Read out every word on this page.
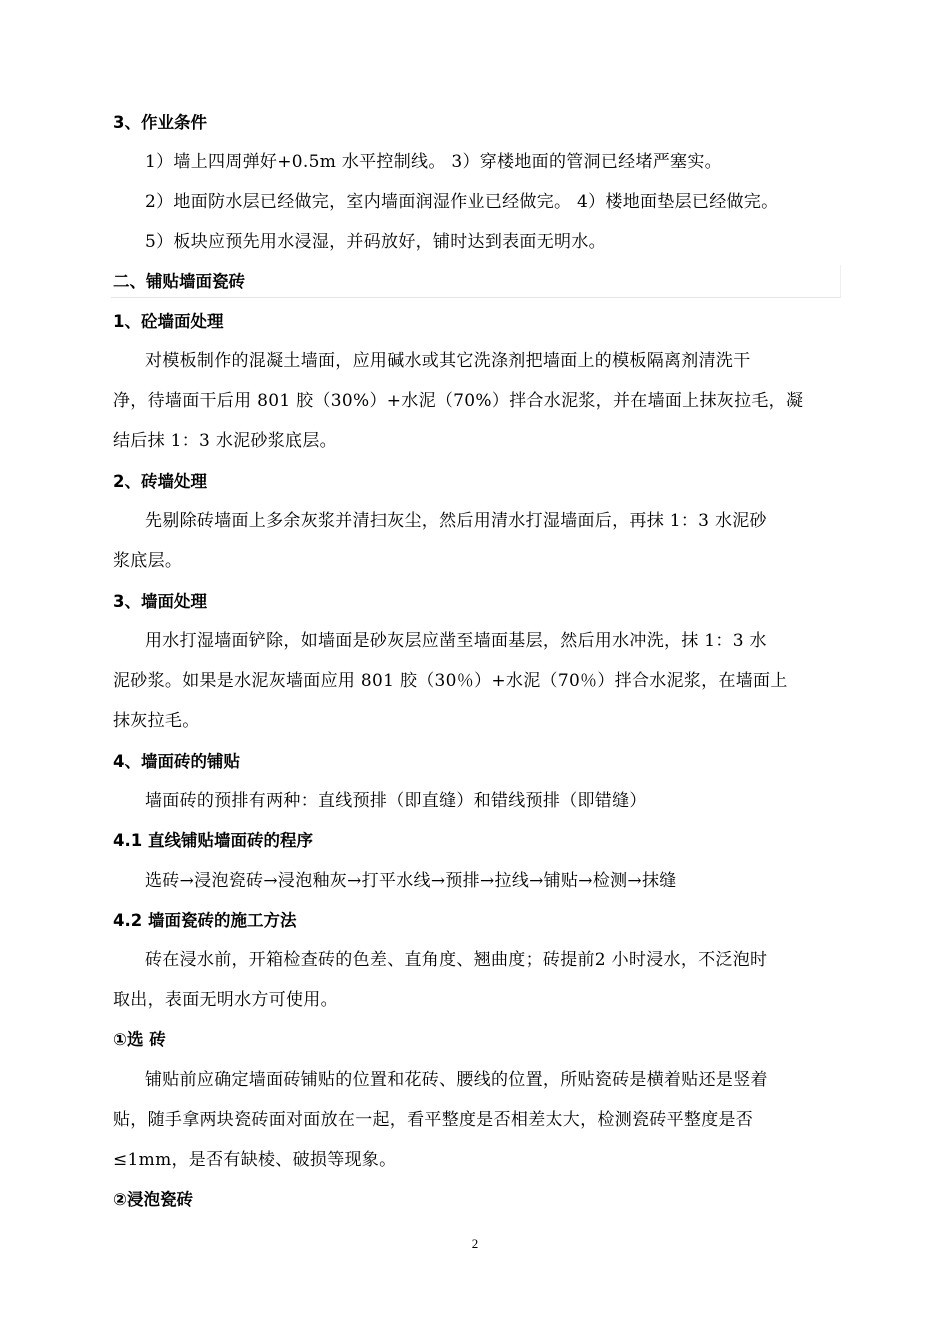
3、作业条件
1）墙上四周弹好+0.5m 水平控制线。 3）穿楼地面的管洞已经堵严塞实。
2）地面防水层已经做完，室内墙面润湿作业已经做完。 4）楼地面垫层已经做完。
5）板块应预先用水浸湿，并码放好，铺时达到表面无明水。
二、铺贴墙面瓷砖
1、砼墙面处理
对模板制作的混凝土墙面，应用碱水或其它洗涤剂把墙面上的模板隔离剂清洗干
净，待墙面干后用 801 胶（30%）+水泥（70%）拌合水泥浆，并在墙面上抹灰拉毛，凝
结后抹 1：3 水泥砂浆底层。
2、砖墙处理
先剔除砖墙面上多余灰浆并清扫灰尘，然后用清水打湿墙面后，再抹 1：3 水泥砂
浆底层。
3、墙面处理
用水打湿墙面铲除，如墙面是砂灰层应凿至墙面基层，然后用水冲洗，抹 1：3 水
泥砂浆。如果是水泥灰墙面应用 801 胶（30％）+水泥（70％）拌合水泥浆，在墙面上
抹灰拉毛。
4、墙面砖的铺贴
墙面砖的预排有两种：直线预排（即直缝）和错线预排（即错缝）
4.1 直线铺贴墙面砖的程序
选砖→浸泡瓷砖→浸泡釉灰→打平水线→预排→拉线→铺贴→检测→抹缝
4.2 墙面瓷砖的施工方法
砖在浸水前，开箱检查砖的色差、直角度、翘曲度；砖提前2 小时浸水，不泛泡时
取出，表面无明水方可使用。
①选 砖
铺贴前应确定墙面砖铺贴的位置和花砖、腰线的位置，所贴瓷砖是横着贴还是竖着
贴，随手拿两块瓷砖面对面放在一起，看平整度是否相差太大，检测瓷砖平整度是否
≤1mm，是否有缺棱、破损等现象。
②浸泡瓷砖
2
